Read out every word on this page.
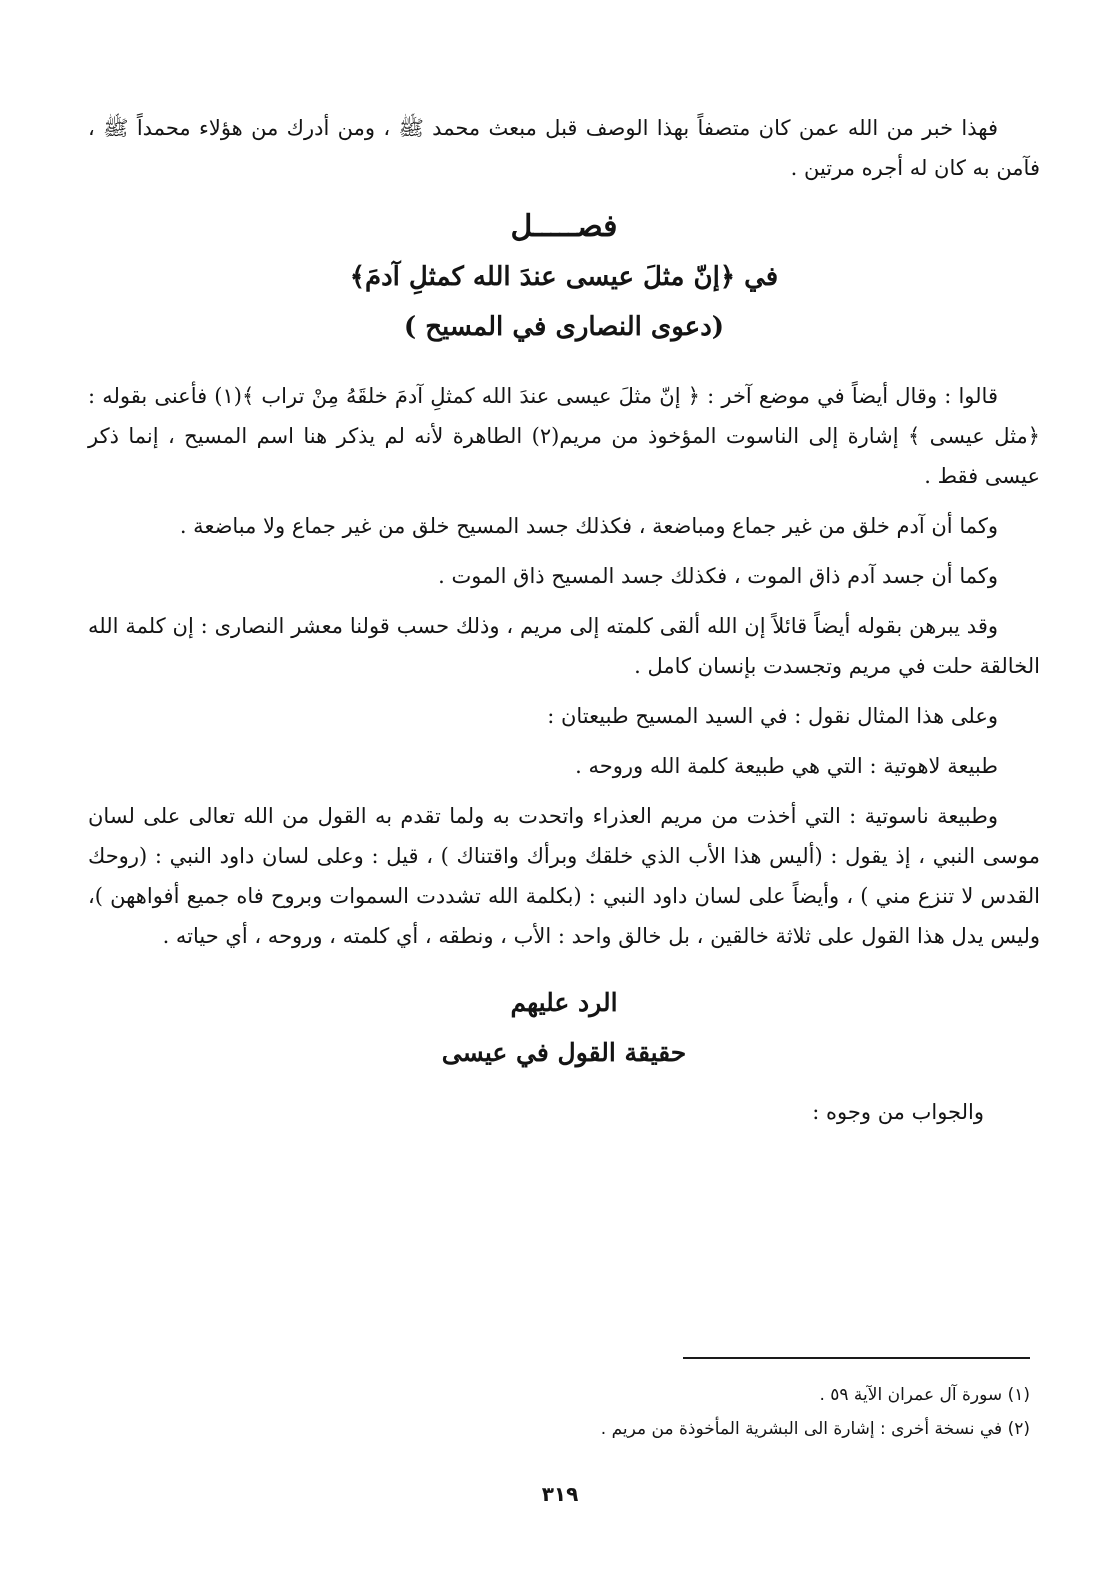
فهذا خبر من الله عمن كان متصفاً بهذا الوصف قبل مبعث محمد ﷺ ، ومن أدرك من هؤلاء محمداً ﷺ ، فآمن به كان له أجره مرتين .

فصـــــل
في ﴿إنّ مثلَ عيسى عندَ الله كمثلِ آدمَ﴾
(دعوى النصارى في المسيح )

قالوا : وقال أيضاً في موضع آخر : ﴿ إنّ مثلَ عيسى عندَ الله كمثلِ آدمَ خلقَهُ مِنْ تراب ﴾(١) فأعنى بقوله : ﴿مثل عيسى ﴾ إشارة إلى الناسوت المؤخوذ من مريم(٢) الطاهرة لأنه لم يذكر هنا اسم المسيح ، إنما ذكر عيسى فقط .

وكما أن آدم خلق من غير جماع ومباضعة ، فكذلك جسد المسيح خلق من غير جماع ولا مباضعة .

وكما أن جسد آدم ذاق الموت ، فكذلك جسد المسيح ذاق الموت .

وقد يبرهن بقوله أيضاً قائلاً إن الله ألقى كلمته إلى مريم ، وذلك حسب قولنا معشر النصارى : إن كلمة الله الخالقة حلت في مريم وتجسدت بإنسان كامل .

وعلى هذا المثال نقول : في السيد المسيح طبيعتان :

طبيعة لاهوتية : التي هي طبيعة كلمة الله وروحه .

وطبيعة ناسوتية : التي أخذت من مريم العذراء واتحدت به ولما تقدم به القول من الله تعالى على لسان موسى النبي ، إذ يقول : (أليس هذا الأب الذي خلقك وبرأك واقتناك ) ، قيل : وعلى لسان داود النبي : (روحك القدس لا تنزع مني ) ، وأيضاً على لسان داود النبي : (بكلمة الله تشددت السموات وبروح فاه جميع أفواههن )، وليس يدل هذا القول على ثلاثة خالقين ، بل خالق واحد : الأب ، ونطقه ، أي كلمته ، وروحه ، أي حياته .

الرد عليهم
حقيقة القول في عيسى

والجواب من وجوه :

(١) سورة آل عمران الآية ٥٩ .

(٢) في نسخة أخرى : إشارة الى البشرية المأخوذة من مريم .

٣١٩
